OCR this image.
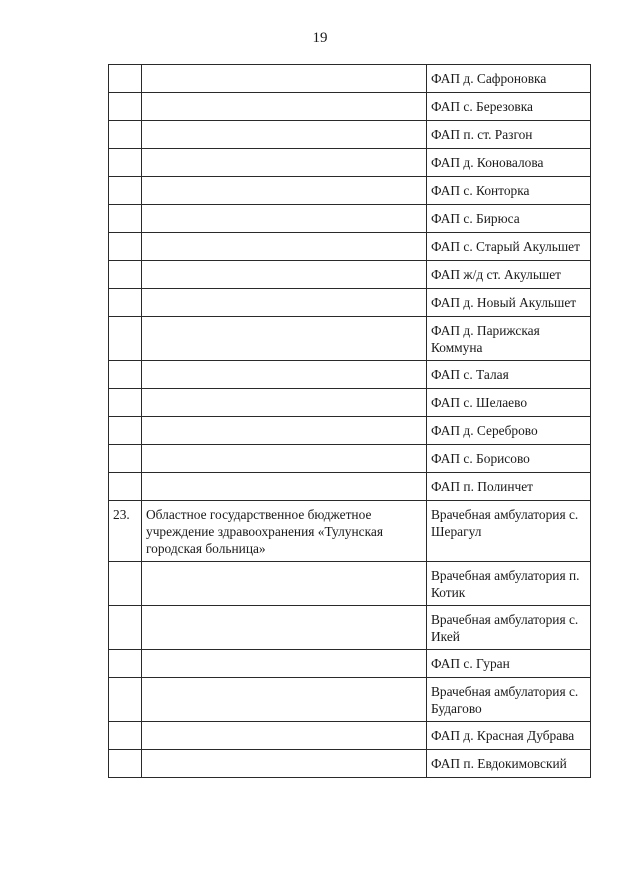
19
		ФАП д. Сафроновка
		ФАП с. Березовка
		ФАП п. ст. Разгон
		ФАП д. Коновалова
		ФАП с. Конторка
		ФАП с. Бирюса
		ФАП с. Старый Акульшет
		ФАП ж/д ст. Акульшет
		ФАП д. Новый Акульшет
		ФАП д. Парижская Коммуна
		ФАП с. Талая
		ФАП с. Шелаево
		ФАП д. Сереброво
		ФАП с. Борисово
		ФАП п. Полинчет
23.	Областное государственное бюджетное учреждение здравоохранения «Тулунская городская больница»	Врачебная амбулатория с. Шерагул
		Врачебная амбулатория п. Котик
		Врачебная амбулатория с. Икей
		ФАП с. Гуран
		Врачебная амбулатория с. Будагово
		ФАП д. Красная Дубрава
		ФАП п. Евдокимовский
